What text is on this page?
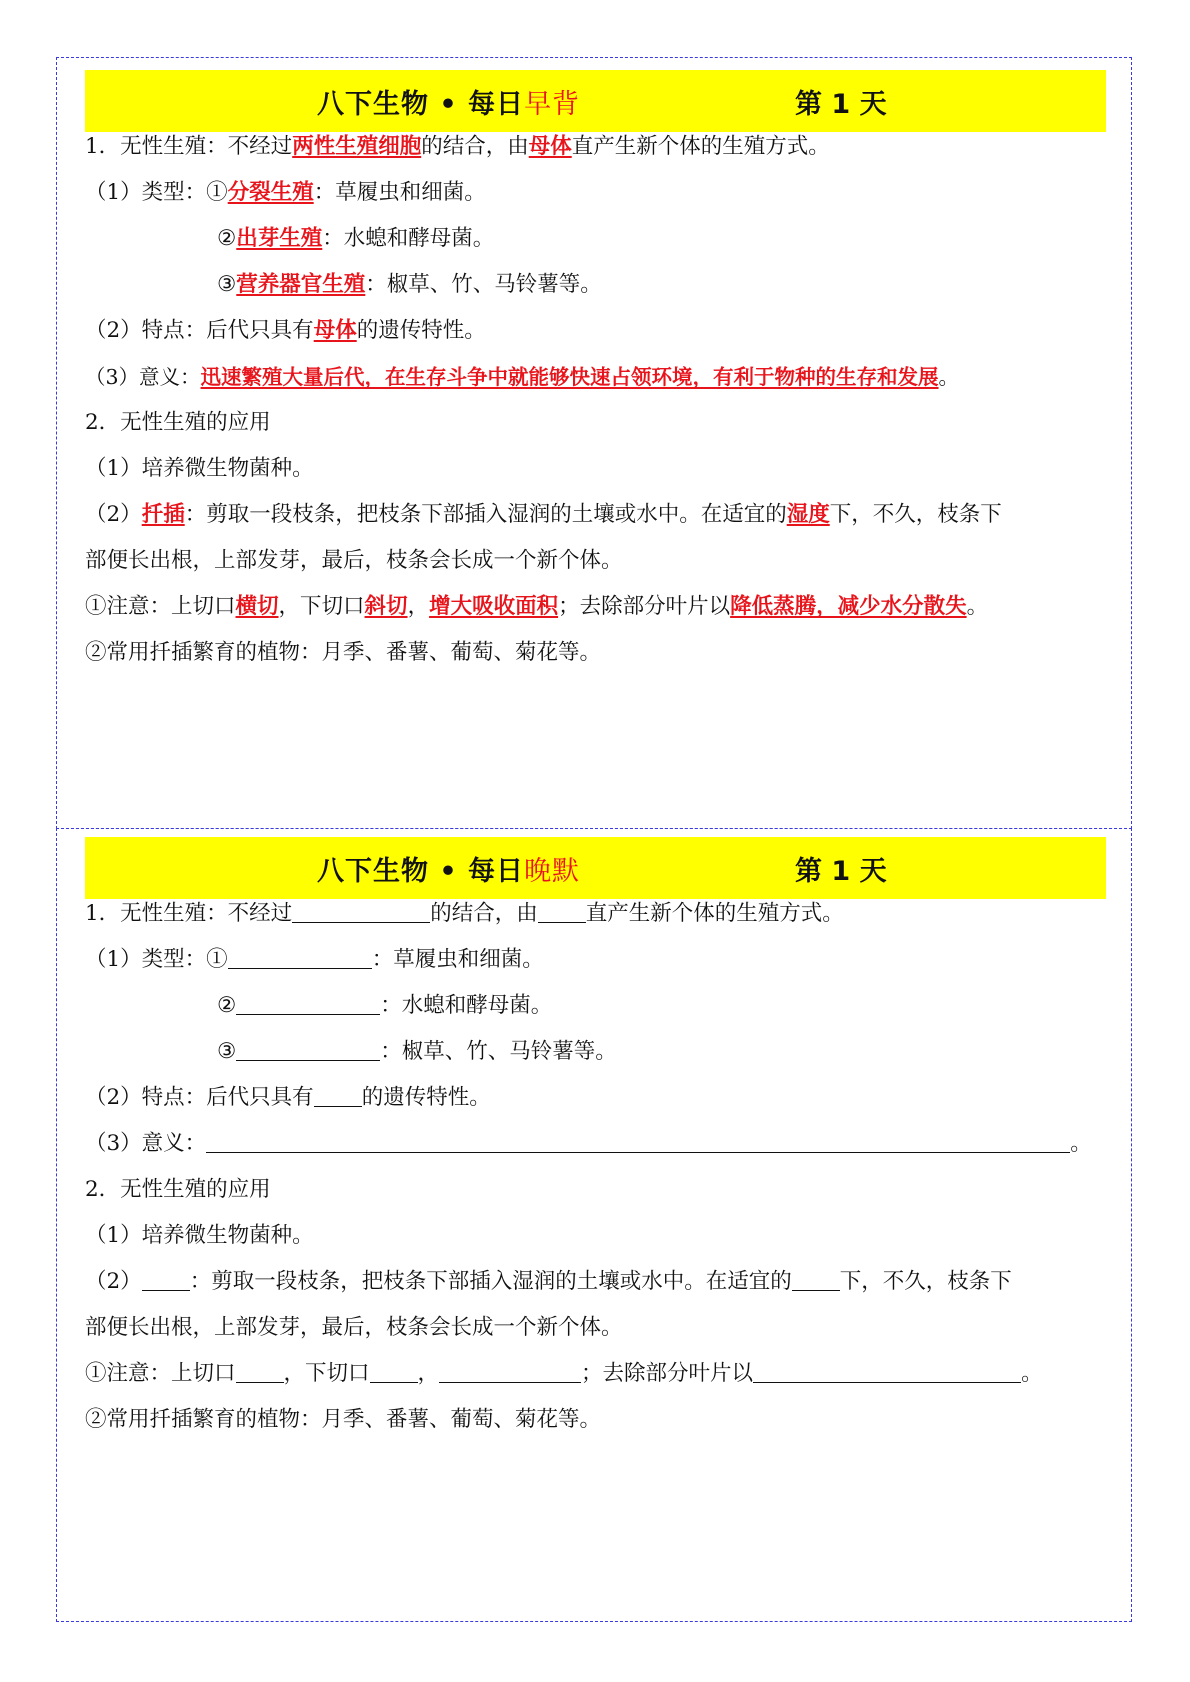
八下生物 • 每日早背	第 1 天
1．无性生殖：不经过两性生殖细胞的结合，由母体直产生新个体的生殖方式。
（1）类型：①分裂生殖：草履虫和细菌。
②出芽生殖：水螅和酵母菌。
③营养器官生殖：椒草、竹、马铃薯等。
（2）特点：后代只具有母体的遗传特性。
（3）意义：迅速繁殖大量后代，在生存斗争中就能够快速占领环境，有利于物种的生存和发展。
2．无性生殖的应用
（1）培养微生物菌种。
（2）扦插：剪取一段枝条，把枝条下部插入湿润的土壤或水中。在适宜的湿度下，不久，枝条下
部便长出根，上部发芽，最后，枝条会长成一个新个体。
①注意：上切口横切，下切口斜切，增大吸收面积；去除部分叶片以降低蒸腾，减少水分散失。
②常用扦插繁育的植物：月季、番薯、葡萄、菊花等。
八下生物 • 每日晚默	第 1 天
1．无性生殖：不经过	的结合，由 直产生新个体的生殖方式。
（1）类型：①	：草履虫和细菌。
②	：水螅和酵母菌。
③	：椒草、竹、马铃薯等。
（2）特点：后代只具有 的遗传特性。
（3）意义：	。
2．无性生殖的应用
（1）培养微生物菌种。
（2） ：剪取一段枝条，把枝条下部插入湿润的土壤或水中。在适宜的 下，不久，枝条下
部便长出根，上部发芽，最后，枝条会长成一个新个体。
①注意：上切口 ，下切口 ，	；去除部分叶片以	。
②常用扦插繁育的植物：月季、番薯、葡萄、菊花等。
